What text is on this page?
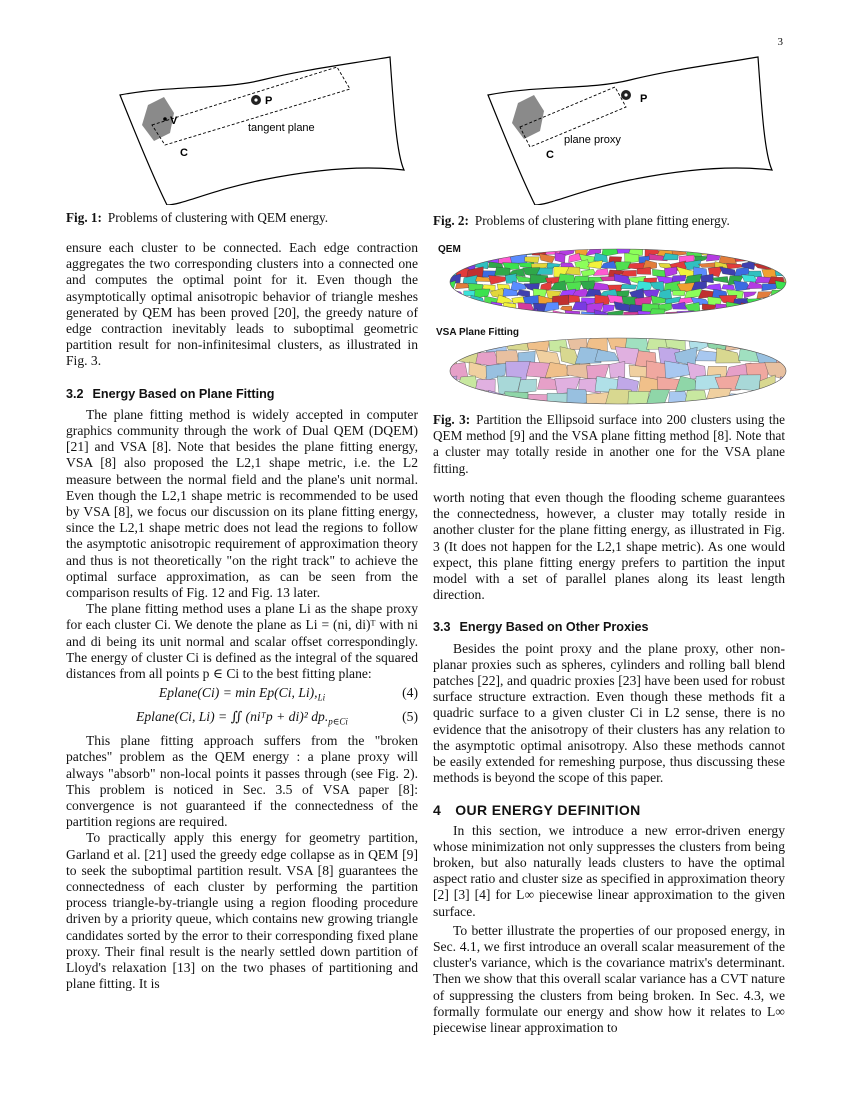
3
P
V
tangent plane
C
Fig. 1: Problems of clustering with QEM energy.
P
plane proxy
C
Fig. 2: Problems of clustering with plane fitting energy.
QEM
VSA Plane Fitting
Fig. 3: Partition the Ellipsoid surface into 200 clusters using the QEM method [9] and the VSA plane fitting method [8]. Note that a cluster may totally reside in another one for the VSA plane fitting.

ensure each cluster to be connected. Each edge contraction aggregates the two corresponding clusters into a connected one and computes the optimal point for it. Even though the asymptotically optimal anisotropic behavior of triangle meshes generated by QEM has been proved [20], the greedy nature of edge contraction inevitably leads to suboptimal geometric partition result for non-infinitesimal clusters, as illustrated in Fig. 3.

3.2 Energy Based on Plane Fitting

The plane fitting method is widely accepted in computer graphics community through the work of Dual QEM (DQEM) [21] and VSA [8]. Note that besides the plane fitting energy, VSA [8] also proposed the L2,1 shape metric, i.e. the L2 measure between the normal field and the plane's unit normal. Even though the L2,1 shape metric is recommended to be used by VSA [8], we focus our discussion on its plane fitting energy, since the L2,1 shape metric does not lead the regions to follow the asymptotic anisotropic requirement of approximation theory and thus is not theoretically "on the right track" to achieve the optimal surface approximation, as can be seen from the comparison results of Fig. 12 and Fig. 13 later.

The plane fitting method uses a plane Li as the shape proxy for each cluster Ci. We denote the plane as Li = (ni, di)ᵀ with ni and di being its unit normal and scalar offset correspondingly. The energy of cluster Ci is defined as the integral of the squared distances from all points p ∈ Ci to the best fitting plane:

Eplane(Ci) = min Ep(Ci, $Li),_{Li}$	(4)
Eplane(Ci, Li) = ∬ (niᵀp + di)² $dp._{p\in Ci}$	(5)

This plane fitting approach suffers from the "broken patches" problem as the QEM energy : a plane proxy will always "absorb" non-local points it passes through (see Fig. 2). This problem is noticed in Sec. 3.5 of VSA paper [8]: convergence is not guaranteed if the connectedness of the partition regions are required.

To practically apply this energy for geometry partition, Garland et al. [21] used the greedy edge collapse as in QEM [9] to seek the suboptimal partition result. VSA [8] guarantees the connectedness of each cluster by performing the partition process triangle-by-triangle using a region flooding procedure driven by a priority queue, which contains new growing triangle candidates sorted by the error to their corresponding fixed plane proxy. Their final result is the nearly settled down partition of Lloyd's relaxation [13] on the two phases of partitioning and plane fitting. It is

worth noting that even though the flooding scheme guarantees the connectedness, however, a cluster may totally reside in another cluster for the plane fitting energy, as illustrated in Fig. 3 (It does not happen for the L2,1 shape metric). As one would expect, this plane fitting energy prefers to partition the input model with a set of parallel planes along its least length direction.

3.3 Energy Based on Other Proxies

Besides the point proxy and the plane proxy, other non-planar proxies such as spheres, cylinders and rolling ball blend patches [22], and quadric proxies [23] have been used for robust surface structure extraction. Even though these methods fit a quadric surface to a given cluster Ci in L2 sense, there is no evidence that the anisotropy of their clusters has any relation to the asymptotic optimal anisotropy. Also these methods cannot be easily extended for remeshing purpose, thus discussing these methods is beyond the scope of this paper.

4 OUR ENERGY DEFINITION

In this section, we introduce a new error-driven energy whose minimization not only suppresses the clusters from being broken, but also naturally leads clusters to have the optimal aspect ratio and cluster size as specified in approximation theory [2] [3] [4] for L∞ piecewise linear approximation to the given surface.

To better illustrate the properties of our proposed energy, in Sec. 4.1, we first introduce an overall scalar measurement of the cluster's variance, which is the covariance matrix's determinant. Then we show that this overall scalar variance has a CVT nature of suppressing the clusters from being broken. In Sec. 4.3, we formally formulate our energy and show how it relates to L∞ piecewise linear approximation to
